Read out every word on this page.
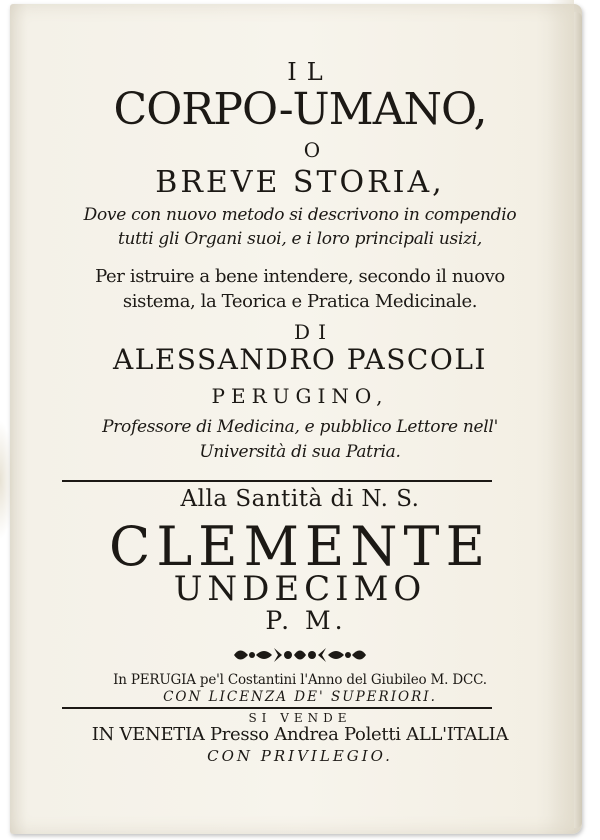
IL
CORPO-UMANO,
O
BREVE STORIA,
Dove con nuovo metodo si descrivono in compendio
tutti gli Organi suoi, e i loro principali usizi,
Per istruire a bene intendere, secondo il nuovo
sistema, la Teorica e Pratica Medicinale.
DI
ALESSANDRO PASCOLI
PERUGINO,
Professore di Medicina, e pubblico Lettore nell'
Università di sua Patria.
Alla Santità di N. S.
CLEMENTE
UNDECIMO
P. M.
In PERUGIA pe'l Costantini l'Anno del Giubileo M. DCC.
CON LICENZA DE' SUPERIORI.
SI VENDE
IN VENETIA Presso Andrea Poletti ALL'ITALIA
CON PRIVILEGIO.
